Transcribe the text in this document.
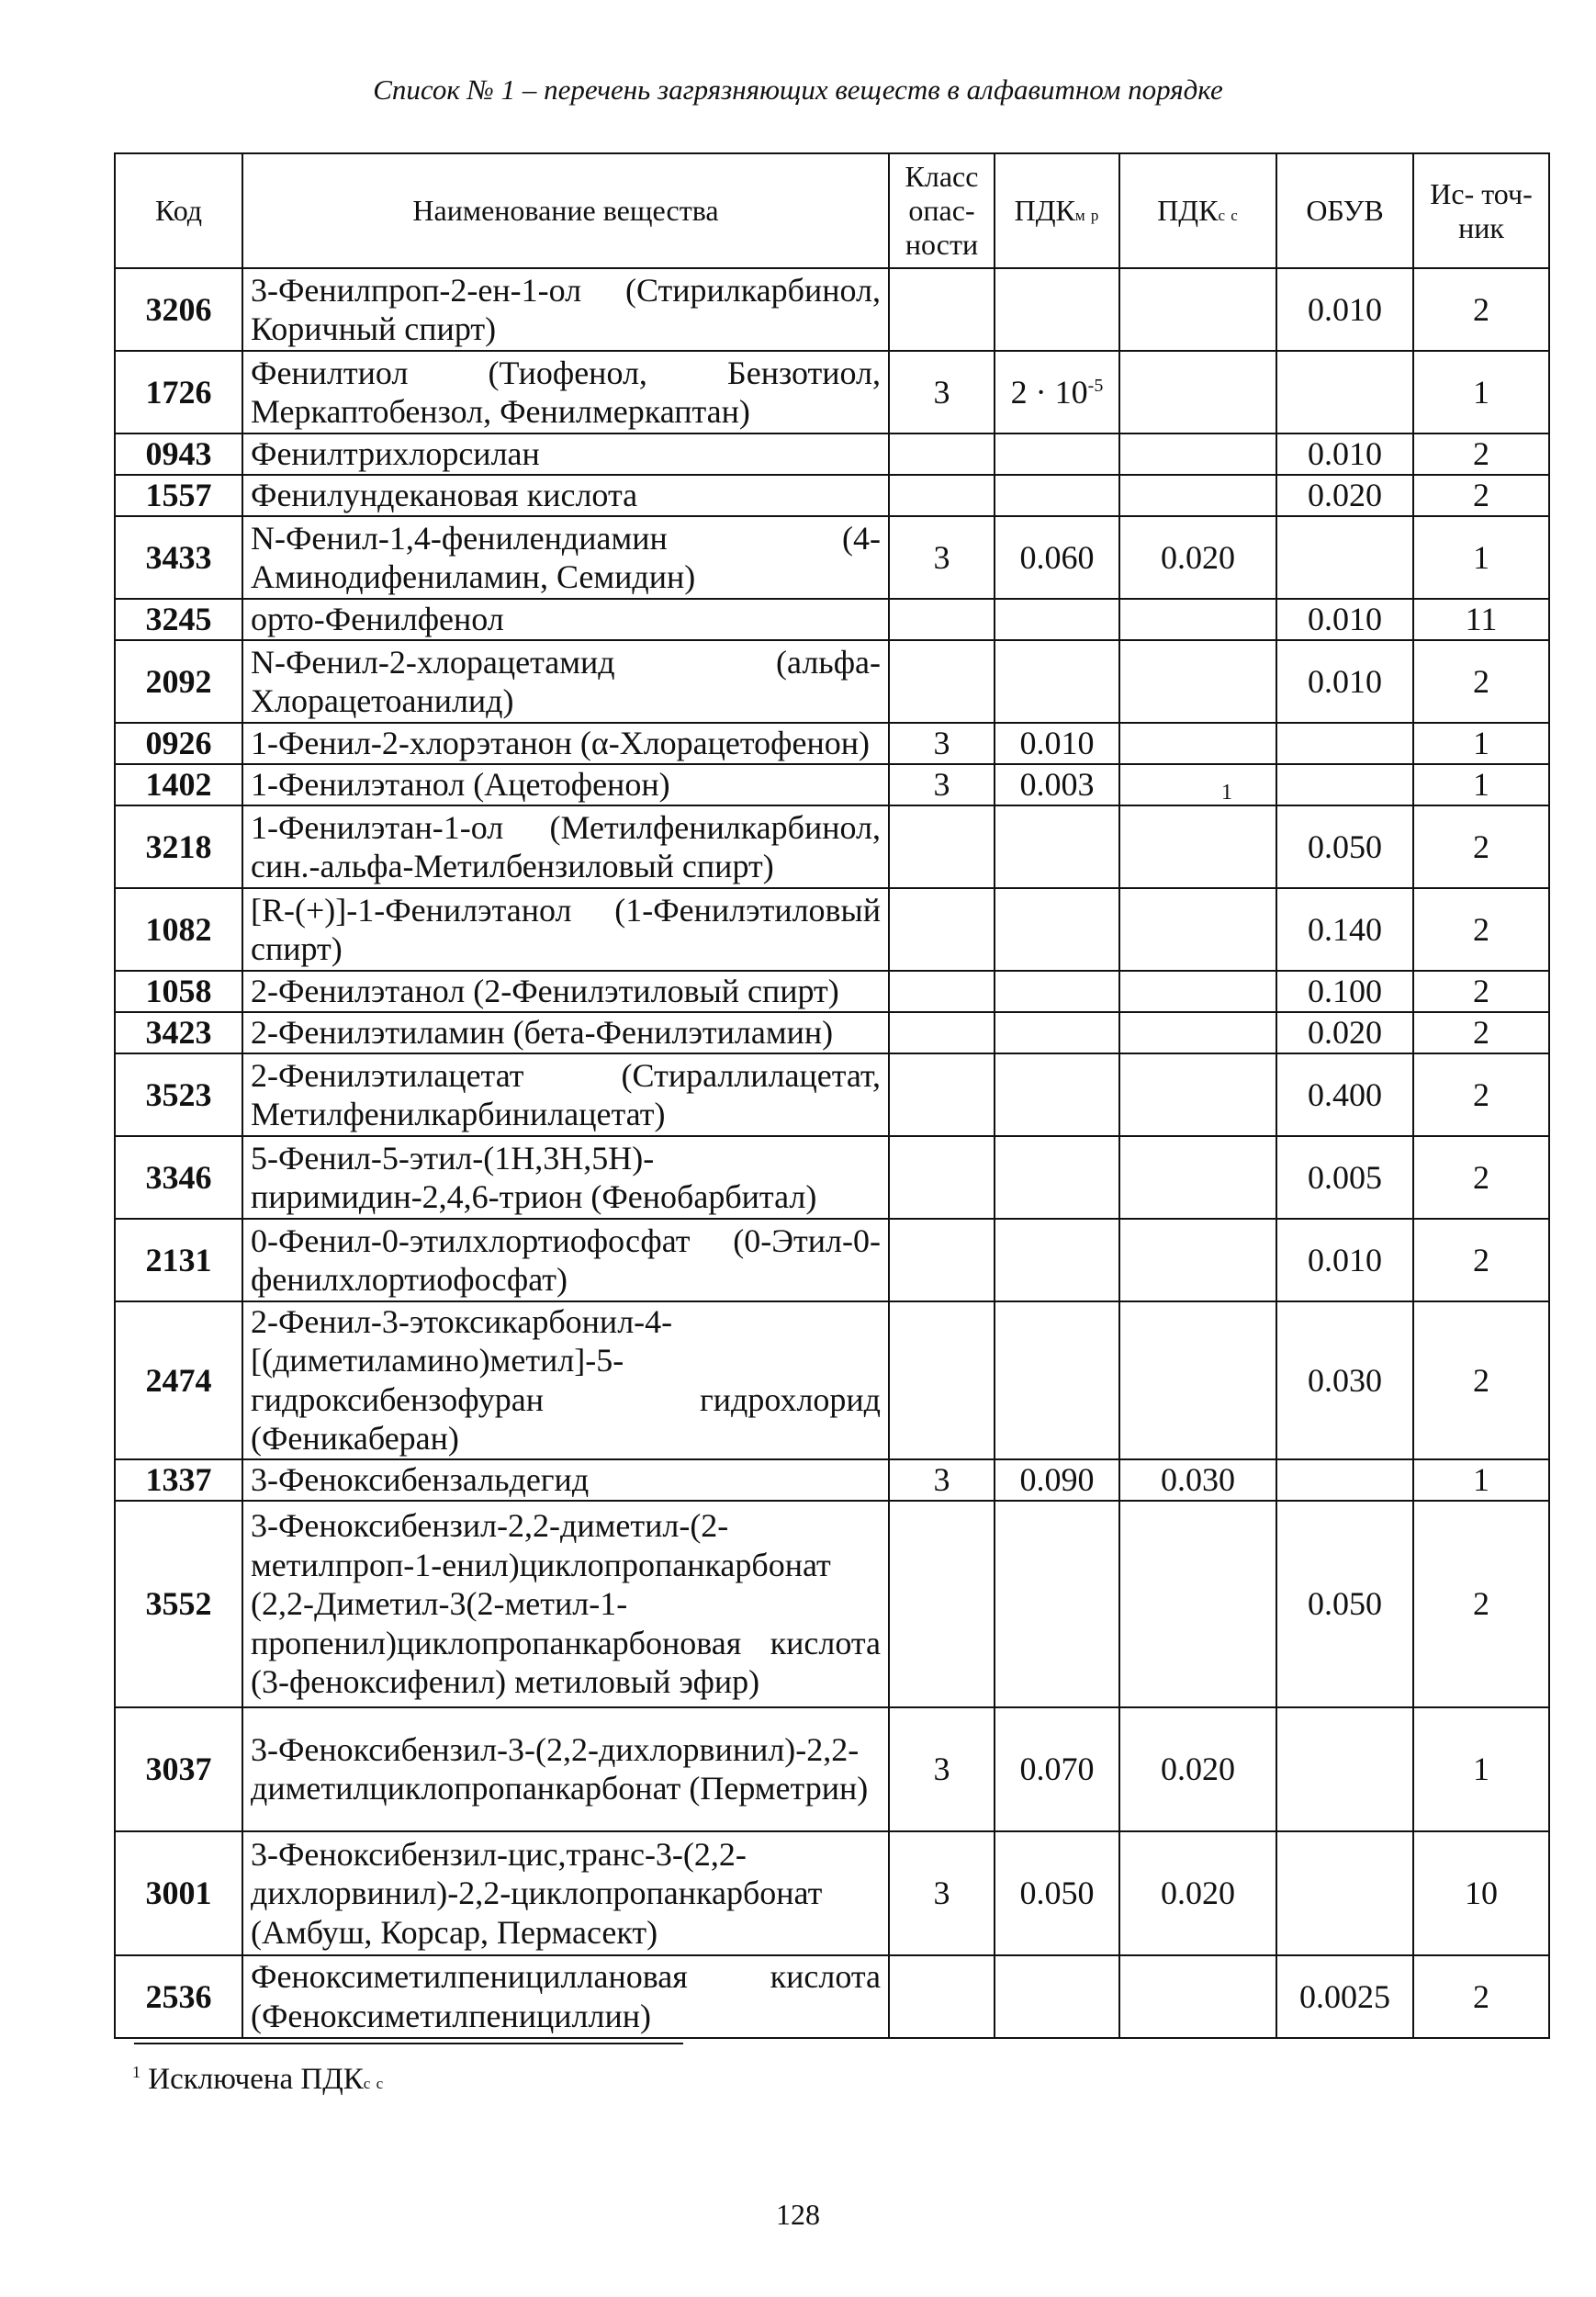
Список № 1 – перечень загрязняющих веществ в алфавитном порядке
Код	Наименование вещества	Класс опас- ности	ПДКм р	ПДКс с	ОБУВ	Ис- точ- ник
3206	3-Фенилпроп-2-ен-1-ол (Стирилкарбинол, Коричный спирт)				0.010	2
1726	Фенилтиол (Тиофенол, Бензотиол, Меркаптобензол, Фенилмеркаптан)	3	$2 \cdot 10^{-5}$			1
0943	Фенилтрихлорсилан				0.010	2
1557	Фенилундекановая кислота				0.020	2
3433	N-Фенил-1,4-фенилендиамин (4-Аминодифениламин, Семидин)	3	0.060	0.020		1
3245	орто-Фенилфенол				0.010	11
2092	N-Фенил-2-хлорацетамид (альфа-Хлорацетоанилид)				0.010	2
0926	1-Фенил-2-хлорэтанон (α-Хлорацетофенон)	3	0.010			1
1402	1-Фенилэтанол (Ацетофенон)	3	0.003			1
3218	1-Фенилэтан-1-ол (Метилфенилкарбинол, син.-альфа-Метилбензиловый спирт)				0.050	2
1082	[R-(+)]-1-Фенилэтанол (1-Фенилэтиловый спирт)				0.140	2
1058	2-Фенилэтанол (2-Фенилэтиловый спирт)				0.100	2
3423	2-Фенилэтиламин (бета-Фенилэтиламин)				0.020	2
3523	2-Фенилэтилацетат (Стираллилацетат, Метилфенилкарбинилацетат)				0.400	2
3346	5-Фенил-5-этил-(1Н,3Н,5Н)-пиримидин-2,4,6-трион (Фенобарбитал)				0.005	2
2131	0-Фенил-0-этилхлортиофосфат (0-Этил-0-фенилхлортиофосфат)				0.010	2
2474	2-Фенил-3-этоксикарбонил-4-[(диметиламино)метил]-5-гидроксибензофуран гидрохлорид (Феникаберан)				0.030	2
1337	3-Феноксибензальдегид	3	0.090	0.030		1
3552	3-Феноксибензил-2,2-диметил-(2-метилпроп-1-енил)циклопропанкарбонат (2,2-Диметил-3(2-метил-1-пропенил)циклопропанкарбоновая кислота (3-феноксифенил) метиловый эфир)				0.050	2
3037	3-Феноксибензил-3-(2,2-дихлорвинил)-2,2-диметилциклопропанкарбонат (Перметрин)	3	0.070	0.020		1
3001	3-Феноксибензил-цис,транс-3-(2,2-дихлорвинил)-2,2-циклопропанкарбонат (Амбуш, Корсар, Пермасект)	3	0.050	0.020		10
2536	Феноксиметилпенициллановая кислота (Феноксиметилпенициллин)				0.0025	2
1
$^1$ Исключена ПДКс с
128
